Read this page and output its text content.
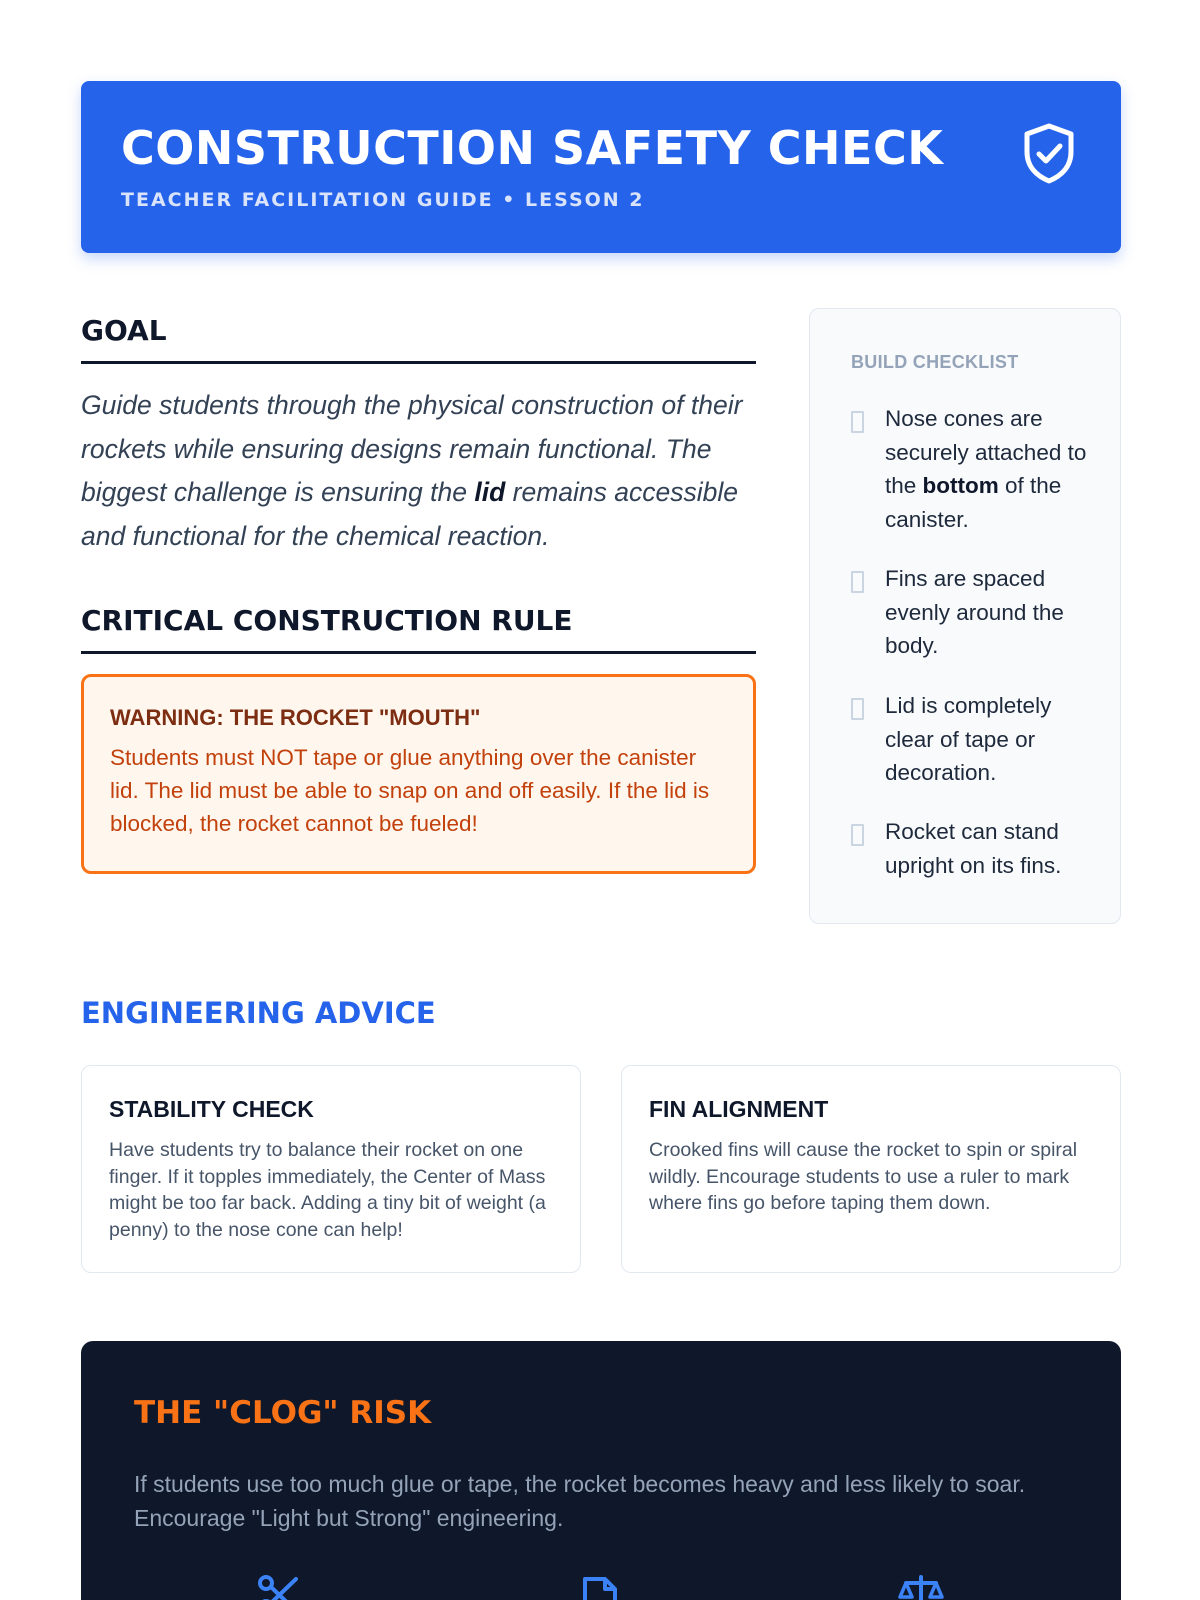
CONSTRUCTION SAFETY CHECK
TEACHER FACILITATION GUIDE • LESSON 2
GOAL

Guide students through the physical construction of their rockets while ensuring designs remain functional. The biggest challenge is ensuring the lid remains accessible and functional for the chemical reaction.

CRITICAL CONSTRUCTION RULE
WARNING: THE ROCKET "MOUTH"
Students must NOT tape or glue anything over the canister lid. The lid must be able to snap on and off easily. If the lid is blocked, the rocket cannot be fueled!
BUILD CHECKLIST
Nose cones are securely attached to the bottom of the canister.
Fins are spaced evenly around the body.
Lid is completely clear of tape or decoration.
Rocket can stand upright on its fins.
ENGINEERING ADVICE
STABILITY CHECK
Have students try to balance their rocket on one finger. If it topples immediately, the Center of Mass might be too far back. Adding a tiny bit of weight (a penny) to the nose cone can help!
FIN ALIGNMENT
Crooked fins will cause the rocket to spin or spiral wildly. Encourage students to use a ruler to mark where fins go before taping them down.
THE "CLOG" RISK
If students use too much glue or tape, the rocket becomes heavy and less likely to soar. Encourage "Light but Strong" engineering.
